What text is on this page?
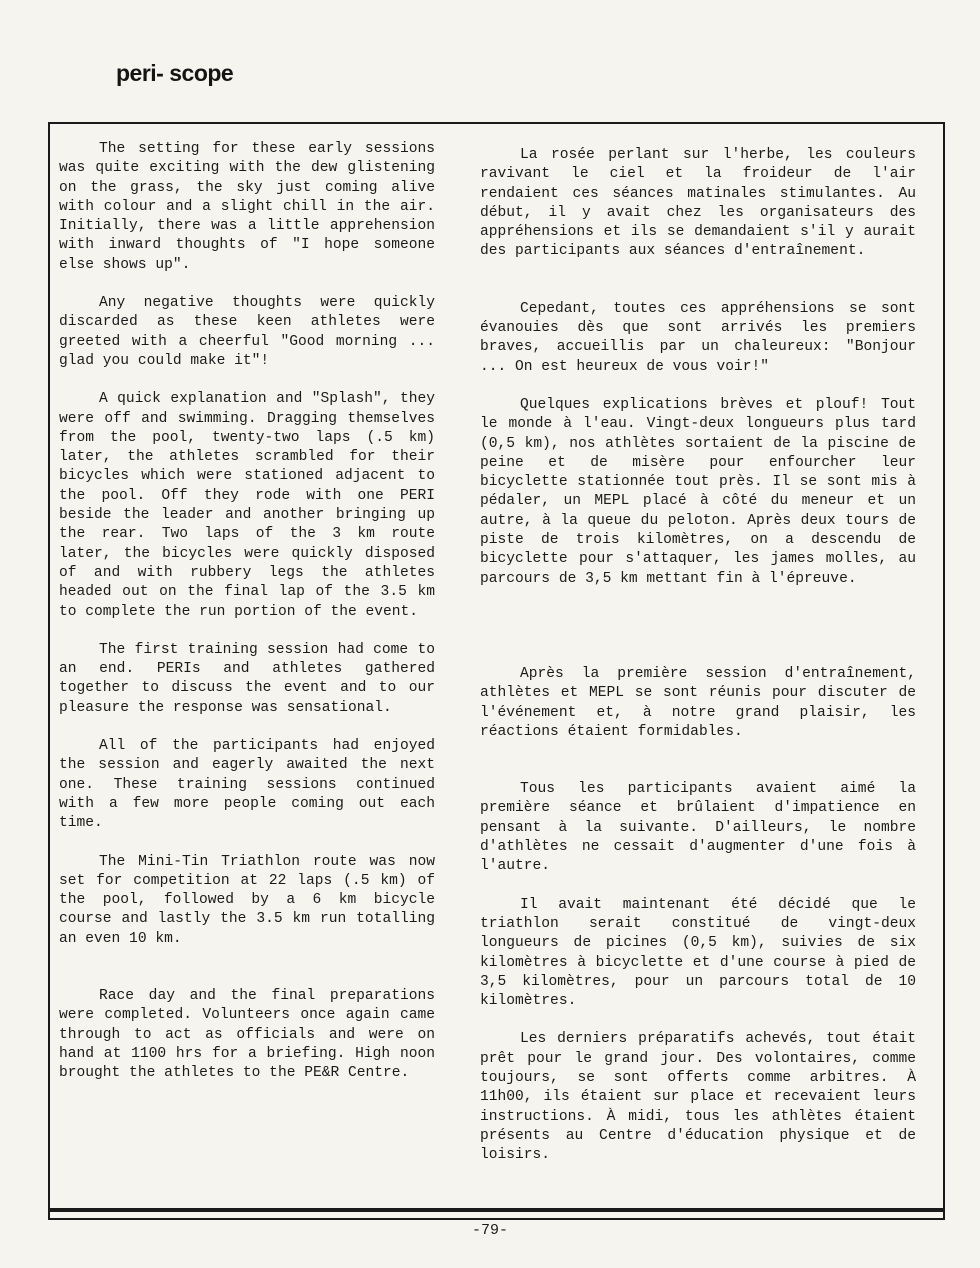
peri- scope

The setting for these early sessions was quite exciting with the dew glistening on the grass, the sky just coming alive with colour and a slight chill in the air. Initially, there was a little apprehension with inward thoughts of "I hope someone else shows up".

Any negative thoughts were quickly discarded as these keen athletes were greeted with a cheerful "Good morning ... glad you could make it"!

A quick explanation and "Splash", they were off and swimming. Dragging themselves from the pool, twenty-two laps (.5 km) later, the athletes scrambled for their bicycles which were stationed adjacent to the pool. Off they rode with one PERI beside the leader and another bringing up the rear. Two laps of the 3 km route later, the bicycles were quickly disposed of and with rubbery legs the athletes headed out on the final lap of the 3.5 km to complete the run portion of the event.

The first training session had come to an end. PERIs and athletes gathered together to discuss the event and to our pleasure the response was sensational.

All of the participants had enjoyed the session and eagerly awaited the next one. These training sessions continued with a few more people coming out each time.

The Mini-Tin Triathlon route was now set for competition at 22 laps (.5 km) of the pool, followed by a 6 km bicycle course and lastly the 3.5 km run totalling an even 10 km.

Race day and the final preparations were completed. Volunteers once again came through to act as officials and were on hand at 1100 hrs for a briefing. High noon brought the athletes to the PE&R Centre.

La rosée perlant sur l'herbe, les couleurs ravivant le ciel et la froideur de l'air rendaient ces séances matinales stimulantes. Au début, il y avait chez les organisateurs des appréhensions et ils se demandaient s'il y aurait des participants aux séances d'entraînement.

Cepedant, toutes ces appréhensions se sont évanouies dès que sont arrivés les premiers braves, accueillis par un chaleureux: "Bonjour ... On est heureux de vous voir!"

Quelques explications brèves et plouf! Tout le monde à l'eau. Vingt-deux longueurs plus tard (0,5 km), nos athlètes sortaient de la piscine de peine et de misère pour enfourcher leur bicyclette stationnée tout près. Il se sont mis à pédaler, un MEPL placé à côté du meneur et un autre, à la queue du peloton. Après deux tours de piste de trois kilomètres, on a descendu de bicyclette pour s'attaquer, les james molles, au parcours de 3,5 km mettant fin à l'épreuve.

Après la première session d'entraînement, athlètes et MEPL se sont réunis pour discuter de l'événement et, à notre grand plaisir, les réactions étaient formidables.

Tous les participants avaient aimé la première séance et brûlaient d'impatience en pensant à la suivante. D'ailleurs, le nombre d'athlètes ne cessait d'augmenter d'une fois à l'autre.

Il avait maintenant été décidé que le triathlon serait constitué de vingt-deux longueurs de picines (0,5 km), suivies de six kilomètres à bicyclette et d'une course à pied de 3,5 kilomètres, pour un parcours total de 10 kilomètres.

Les derniers préparatifs achevés, tout était prêt pour le grand jour. Des volontaires, comme toujours, se sont offerts comme arbitres. À 11h00, ils étaient sur place et recevaient leurs instructions. À midi, tous les athlètes étaient présents au Centre d'éducation physique et de loisirs.

-79-
